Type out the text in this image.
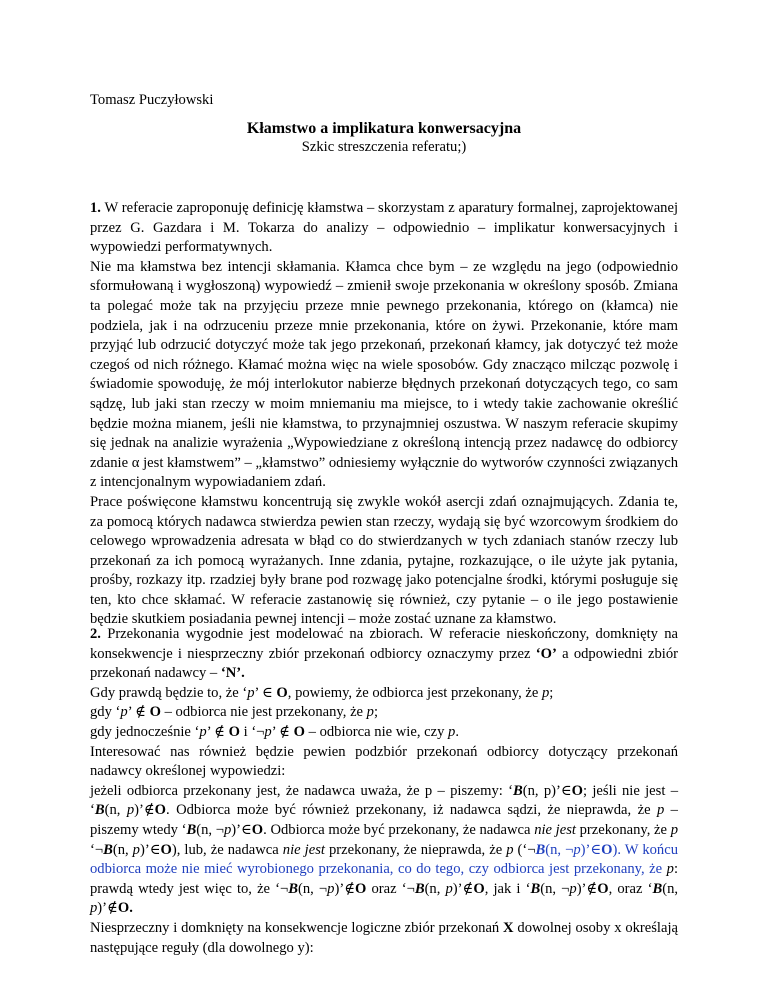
Tomasz Puczyłowski
Kłamstwo a implikatura konwersacyjna
Szkic streszczenia referatu;)

1. W referacie zaproponuję definicję kłamstwa – skorzystam z aparatury formalnej, zaprojektowanej przez G. Gazdara i M. Tokarza do analizy – odpowiednio – implikatur konwersacyjnych i wypowiedzi performatywnych.

Nie ma kłamstwa bez intencji skłamania. Kłamca chce bym – ze względu na jego (odpowiednio sformułowaną i wygłoszoną) wypowiedź – zmienił swoje przekonania w określony sposób. Zmiana ta polegać może tak na przyjęciu przeze mnie pewnego przekonania, którego on (kłamca) nie podziela, jak i na odrzuceniu przeze mnie przekonania, które on żywi. Przekonanie, które mam przyjąć lub odrzucić dotyczyć może tak jego przekonań, przekonań kłamcy, jak dotyczyć też może czegoś od nich różnego. Kłamać można więc na wiele sposobów. Gdy znacząco milcząc pozwolę i świadomie spowoduję, że mój interlokutor nabierze błędnych przekonań dotyczących tego, co sam sądzę, lub jaki stan rzeczy w moim mniemaniu ma miejsce, to i wtedy takie zachowanie określić będzie można mianem, jeśli nie kłamstwa, to przynajmniej oszustwa. W naszym referacie skupimy się jednak na analizie wyrażenia „Wypowiedziane z określoną intencją przez nadawcę do odbiorcy zdanie α jest kłamstwem” – „kłamstwo” odniesiemy wyłącznie do wytworów czynności związanych z intencjonalnym wypowiadaniem zdań.

Prace poświęcone kłamstwu koncentrują się zwykle wokół asercji zdań oznajmujących. Zdania te, za pomocą których nadawca stwierdza pewien stan rzeczy, wydają się być wzorcowym środkiem do celowego wprowadzenia adresata w błąd co do stwierdzanych w tych zdaniach stanów rzeczy lub przekonań za ich pomocą wyrażanych. Inne zdania, pytajne, rozkazujące, o ile użyte jak pytania, prośby, rozkazy itp. rzadziej były brane pod rozwagę jako potencjalne środki, którymi posługuje się ten, kto chce skłamać. W referacie zastanowię się również, czy pytanie – o ile jego postawienie będzie skutkiem posiadania pewnej intencji – może zostać uznane za kłamstwo.

2. Przekonania wygodnie jest modelować na zbiorach. W referacie nieskończony, domknięty na konsekwencje i niesprzeczny zbiór przekonań odbiorcy oznaczymy przez ‘O’ a odpowiedni zbiór przekonań nadawcy – ‘N’.

Gdy prawdą będzie to, że ‘p’ ∈ O, powiemy, że odbiorca jest przekonany, że p;

gdy ‘p’ ∉ O – odbiorca nie jest przekonany, że p;

gdy jednocześnie ‘p’ ∉ O i ‘¬p’ ∉ O – odbiorca nie wie, czy p.

Interesować nas również będzie pewien podzbiór przekonań odbiorcy dotyczący przekonań nadawcy określonej wypowiedzi:

jeżeli odbiorca przekonany jest, że nadawca uważa, że p – piszemy: ‘B(n, p)’∈O; jeśli nie jest – ‘B(n, p)’∉O. Odbiorca może być również przekonany, iż nadawca sądzi, że nieprawda, że p – piszemy wtedy ‘B(n, ¬p)’∈O. Odbiorca może być przekonany, że nadawca nie jest przekonany, że p ‘¬B(n, p)’∈O), lub, że nadawca nie jest przekonany, że nieprawda, że p (‘¬B(n, ¬p)’∈O). W końcu odbiorca może nie mieć wyrobionego przekonania, co do tego, czy odbiorca jest przekonany, że p: prawdą wtedy jest więc to, że ‘¬B(n, ¬p)’∉O oraz ‘¬B(n, p)’∉O, jak i ‘B(n, ¬p)’∉O, oraz ‘B(n, p)’∉O.

Niesprzeczny i domknięty na konsekwencje logiczne zbiór przekonań X dowolnej osoby x określają następujące reguły (dla dowolnego y):
